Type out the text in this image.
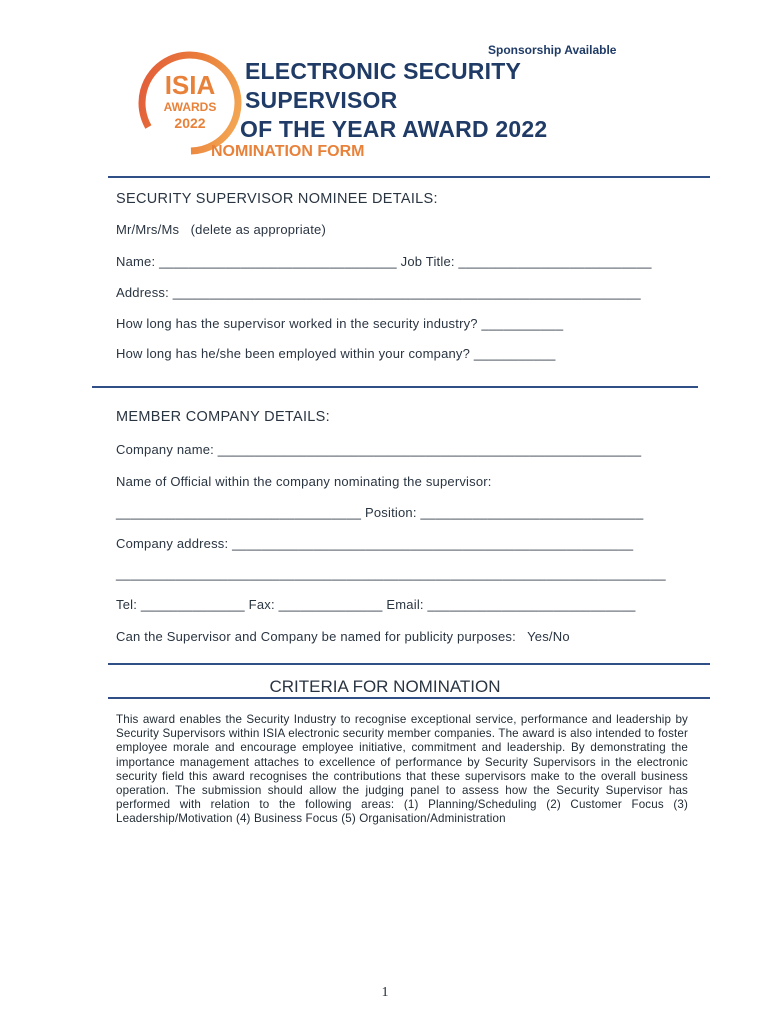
Sponsorship Available
ISIA
AWARDS
2022
ELECTRONIC SECURITY
SUPERVISOR
OF THE YEAR AWARD 2022
NOMINATION FORM
SECURITY SUPERVISOR NOMINEE DETAILS:
Mr/Mrs/Ms   (delete as appropriate)
Name: ________________________________ Job Title: __________________________
Address: _______________________________________________________________
How long has the supervisor worked in the security industry? ___________
How long has he/she been employed within your company? ___________
MEMBER COMPANY DETAILS:
Company name: _________________________________________________________
Name of Official within the company nominating the supervisor:
_________________________________ Position: ______________________________
Company address: ______________________________________________________
__________________________________________________________________________
Tel: ______________ Fax: ______________ Email: ____________________________
Can the Supervisor and Company be named for publicity purposes:   Yes/No
CRITERIA FOR NOMINATION
This award enables the Security Industry to recognise exceptional service, performance and leadership by Security Supervisors within ISIA electronic security member companies. The award is also intended to foster employee morale and encourage employee initiative, commitment and leadership. By demonstrating the importance management attaches to excellence of performance by Security Supervisors in the electronic security field this award recognises the contributions that these supervisors make to the overall business operation. The submission should allow the judging panel to assess how the Security Supervisor has performed with relation to the following areas: (1) Planning/Scheduling (2) Customer Focus (3) Leadership/Motivation (4) Business Focus (5) Organisation/Administration
1
